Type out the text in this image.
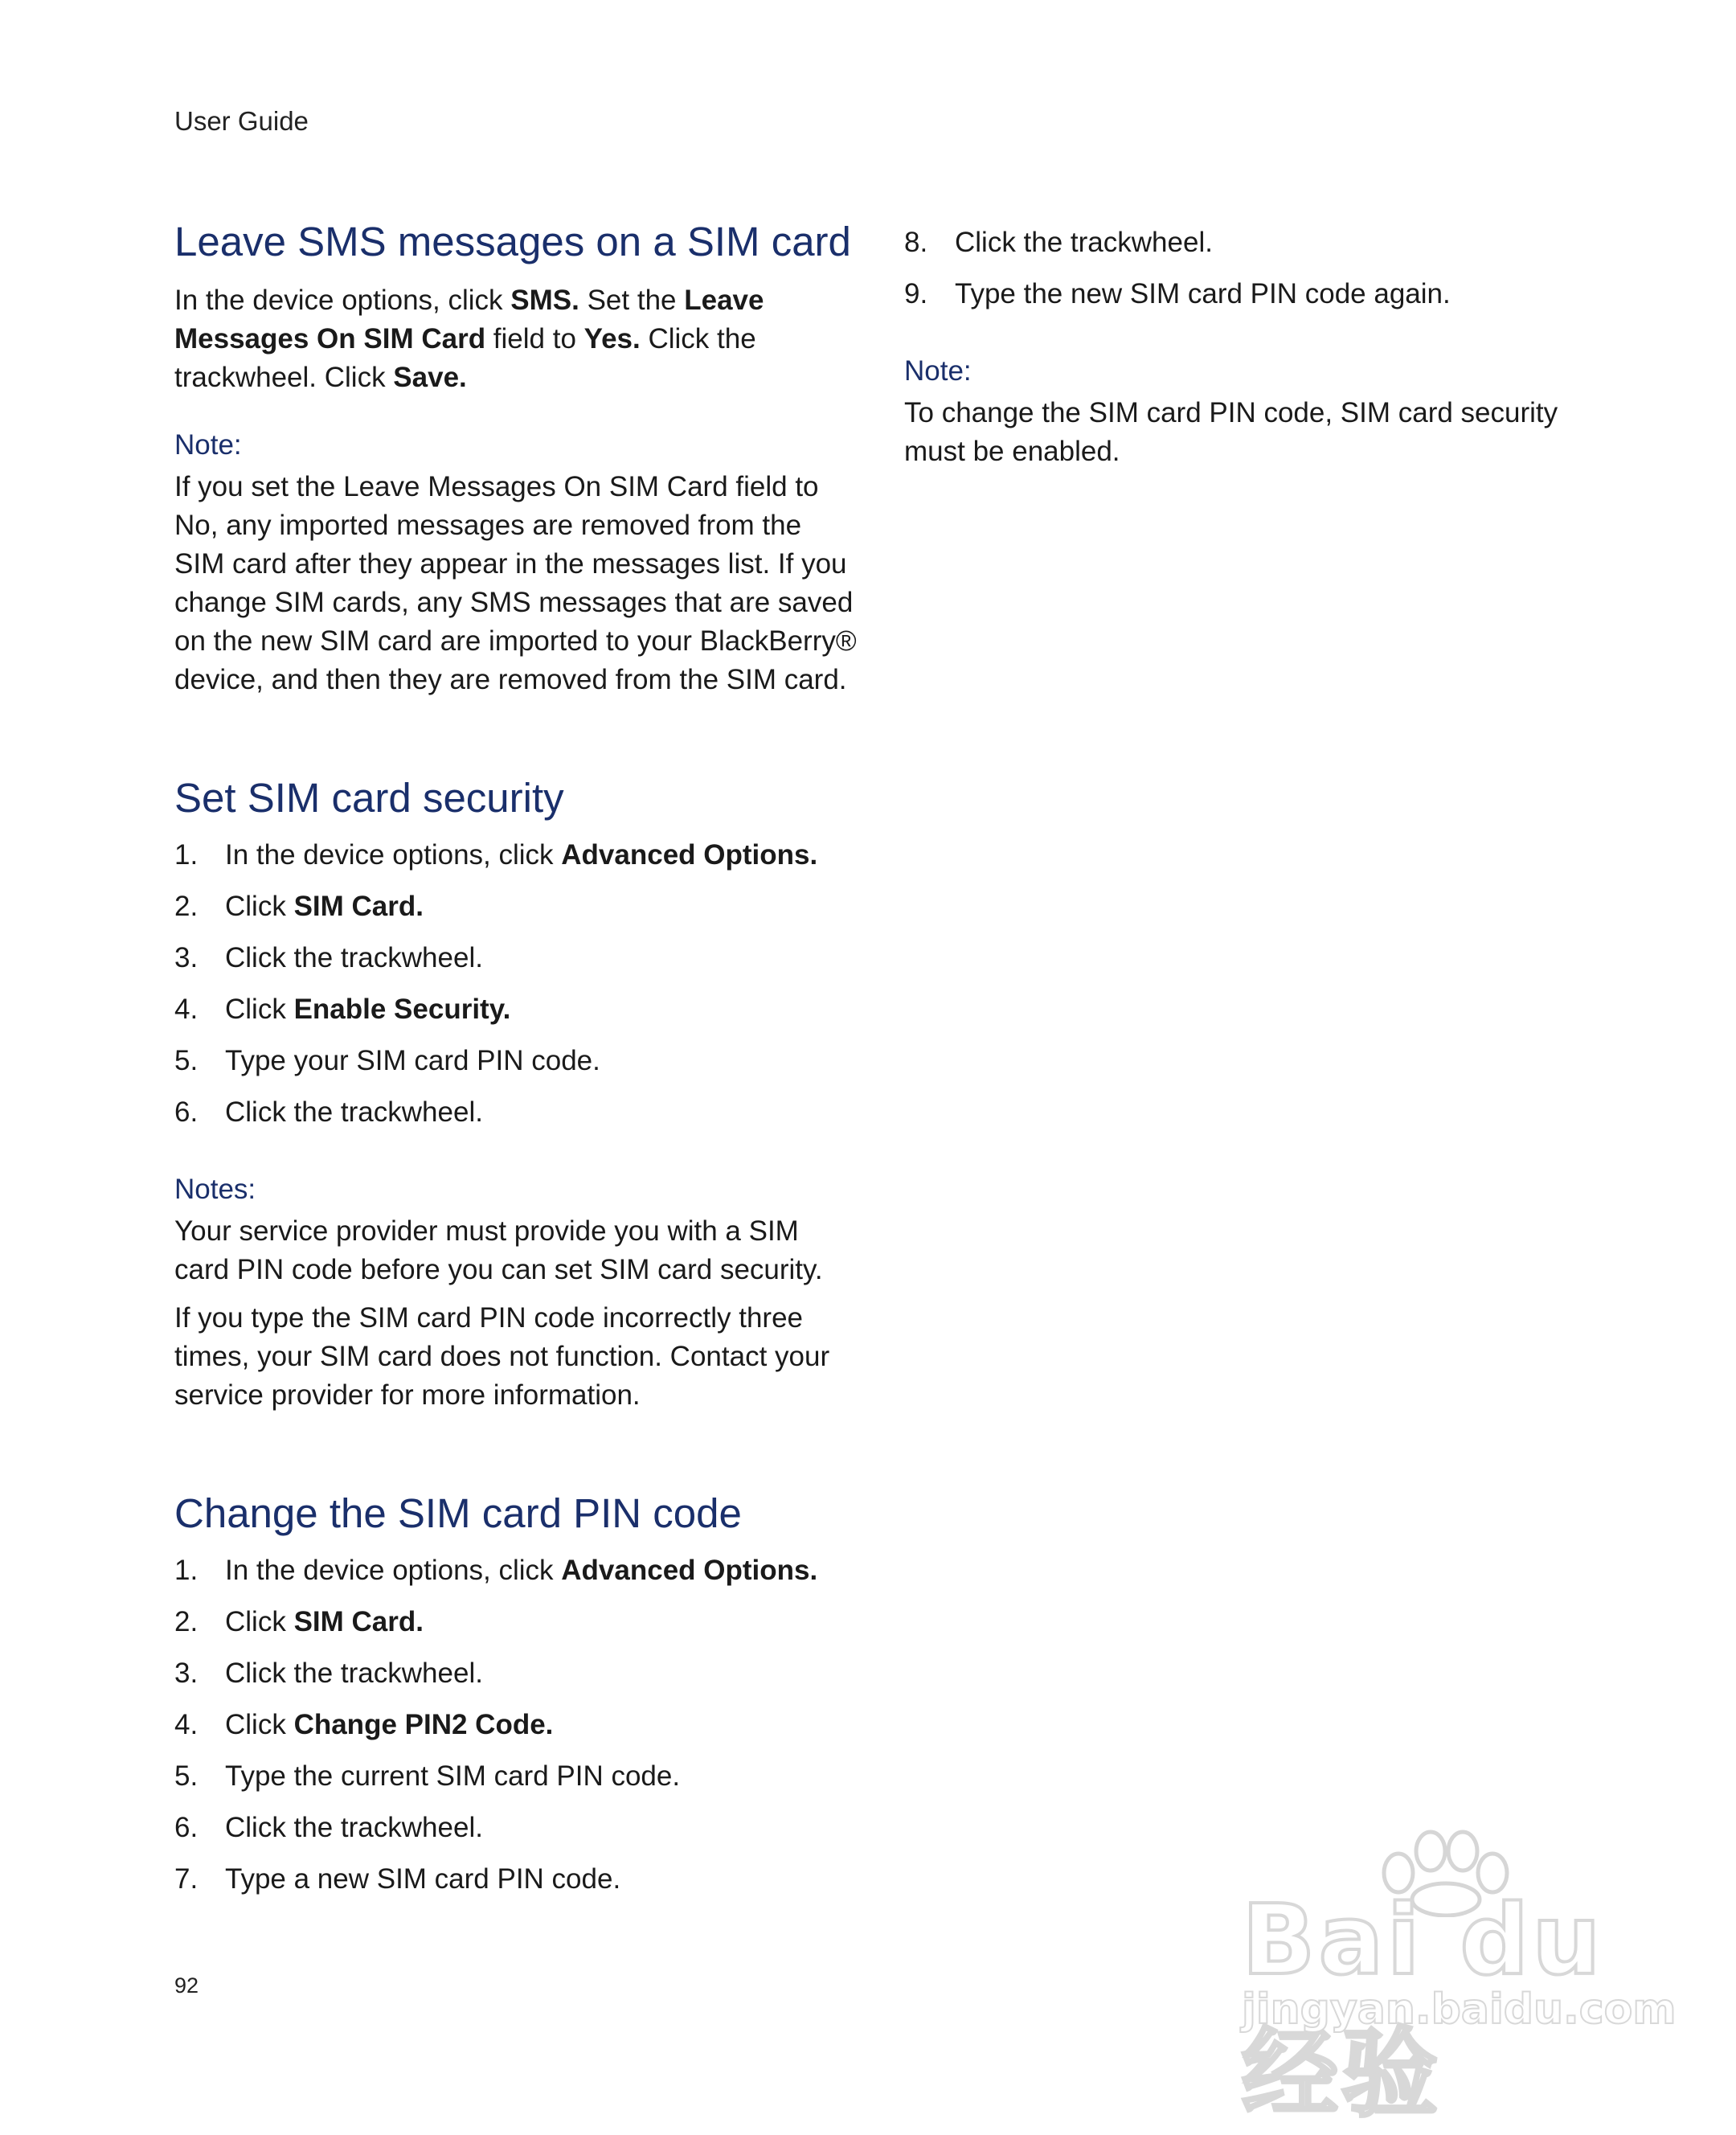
User Guide
Leave SMS messages on a SIM card

In the device options, click SMS. Set the Leave Messages On SIM Card field to Yes. Click the trackwheel. Click Save.

Note:

If you set the Leave Messages On SIM Card field to No, any imported messages are removed from the SIM card after they appear in the messages list. If you change SIM cards, any SMS messages that are saved on the new SIM card are imported to your BlackBerry® device, and then they are removed from the SIM card.

Set SIM card security
1. In the device options, click Advanced Options.
2. Click SIM Card.
3. Click the trackwheel.
4. Click Enable Security.
5. Type your SIM card PIN code.
6. Click the trackwheel.
Notes:

Your service provider must provide you with a SIM card PIN code before you can set SIM card security.

If you type the SIM card PIN code incorrectly three times, your SIM card does not function. Contact your service provider for more information.

Change the SIM card PIN code
1. In the device options, click Advanced Options.
2. Click SIM Card.
3. Click the trackwheel.
4. Click Change PIN2 Code.
5. Type the current SIM card PIN code.
6. Click the trackwheel.
7. Type a new SIM card PIN code.
8. Click the trackwheel.
9. Type the new SIM card PIN code again.
Note:

To change the SIM card PIN code, SIM card security must be enabled.

92	Bai du 经验
jingyan.baidu.com
